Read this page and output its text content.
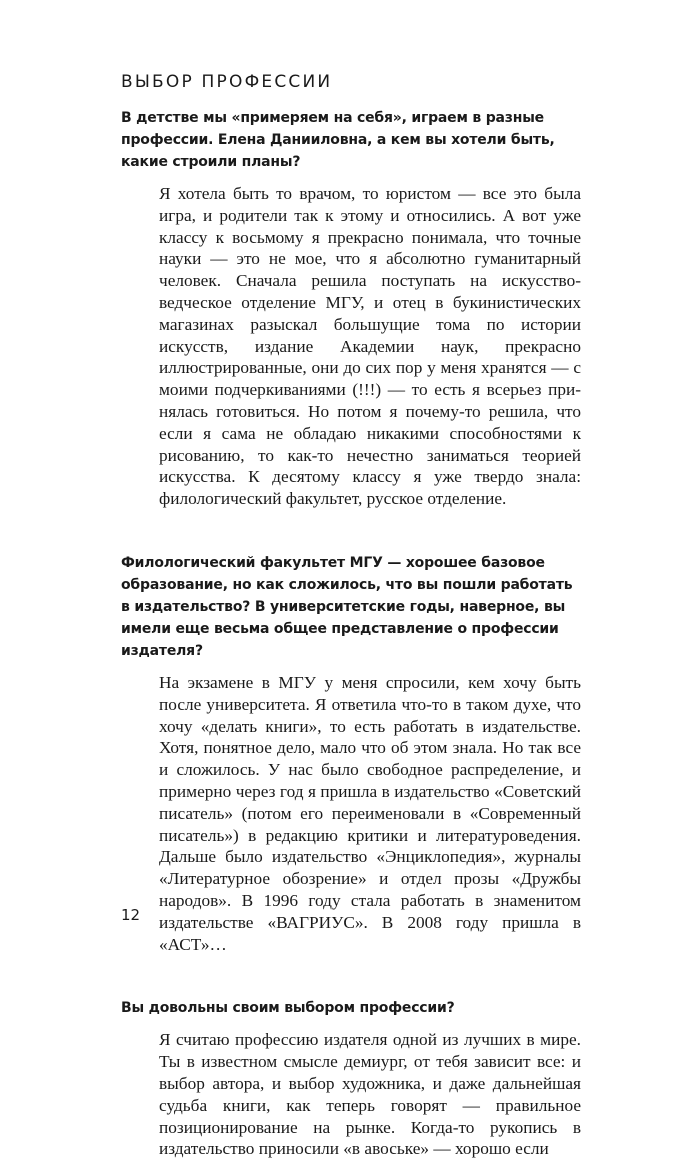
ВЫБОР ПРОФЕССИИ

В детстве мы «примеряем на себя», играем в разные профессии. Елена Данииловна, а кем вы хотели быть, какие строили планы?

Я хотела быть то врачом, то юристом — все это была игра, и родители так к этому и относились. А вот уже классу к восьмому я прекрасно понимала, что точные науки — это не мое, что я абсолютно гуманитарный человек. Сначала решила поступать на искусствоведческое отделение МГУ, и отец в букинистических магазинах разыскал большущие тома по истории искусств, издание Академии наук, прекрасно иллюстрированные, они до сих пор у меня хранятся — с моими подчеркиваниями (!!!) — то есть я всерьез принялась готовиться. Но потом я почему-то решила, что если я сама не обладаю никакими способностями к рисованию, то как-то нечестно заниматься теорией искусства. К десятому классу я уже твердо знала: филологический факультет, русское отделение.

Филологический факультет МГУ — хорошее базовое образование, но как сложилось, что вы пошли работать в издательство? В университетские годы, наверное, вы имели еще весьма общее представление о профессии издателя?

На экзамене в МГУ у меня спросили, кем хочу быть после университета. Я ответила что-то в таком духе, что хочу «делать книги», то есть работать в издательстве. Хотя, понятное дело, мало что об этом знала. Но так все и сложилось. У нас было свободное распределение, и примерно через год я пришла в издательство «Советский писатель» (потом его переименовали в «Современный писатель») в редакцию критики и литературоведения. Дальше было издательство «Энциклопедия», журналы «Литературное обозрение» и отдел прозы «Дружбы народов». В 1996 году стала работать в знаменитом издательстве «ВАГРИУС». В 2008 году пришла в «АСТ»…

Вы довольны своим выбором профессии?

Я считаю профессию издателя одной из лучших в мире. Ты в известном смысле демиург, от тебя зависит все: и выбор автора, и выбор художника, и даже дальнейшая судьба книги, как теперь говорят — правильное позиционирование на рынке. Когда-то рукопись в издательство приносили «в авоське» — хорошо если

12
